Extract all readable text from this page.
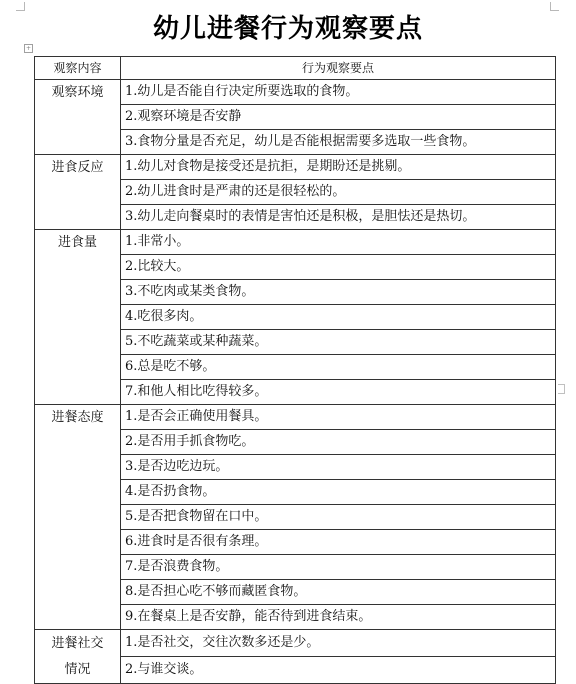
幼儿进餐行为观察要点
+
观察内容	行为观察要点
观察环境	1.幼儿是否能自行决定所要选取的食物。
	2.观察环境是否安静
	3.食物分量是否充足，幼儿是否能根据需要多选取一些食物。
进食反应	1.幼儿对食物是接受还是抗拒，是期盼还是挑剔。
	2.幼儿进食时是严肃的还是很轻松的。
	3.幼儿走向餐桌时的表情是害怕还是积极，是胆怯还是热切。
进食量	1.非常小。
	2.比较大。
	3.不吃肉或某类食物。
	4.吃很多肉。
	5.不吃蔬菜或某种蔬菜。
	6.总是吃不够。
	7.和他人相比吃得较多。
进餐态度	1.是否会正确使用餐具。
	2.是否用手抓食物吃。
	3.是否边吃边玩。
	4.是否扔食物。
	5.是否把食物留在口中。
	6.进食时是否很有条理。
	7.是否浪费食物。
	8.是否担心吃不够而藏匿食物。
	9.在餐桌上是否安静，能否待到进食结束。

进餐社交
情况	1.是否社交，交往次数多还是少。
	2.与谁交谈。
